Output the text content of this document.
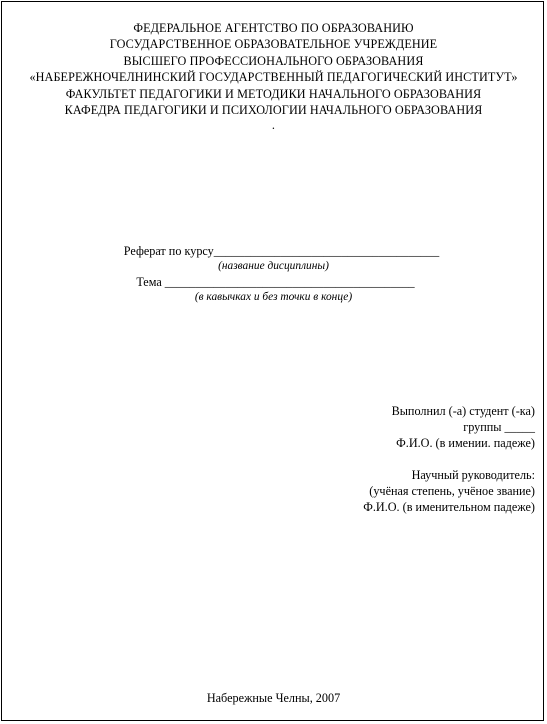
ФЕДЕРАЛЬНОЕ АГЕНТСТВО ПО ОБРАЗОВАНИЮ
ГОСУДАРСТВЕННОЕ ОБРАЗОВАТЕЛЬНОЕ УЧРЕЖДЕНИЕ
ВЫСШЕГО ПРОФЕССИОНАЛЬНОГО ОБРАЗОВАНИЯ
«НАБЕРЕЖНОЧЕЛНИНСКИЙ ГОСУДАРСТВЕННЫЙ ПЕДАГОГИЧЕСКИЙ ИНСТИТУТ»
ФАКУЛЬТЕТ ПЕДАГОГИКИ И МЕТОДИКИ НАЧАЛЬНОГО ОБРАЗОВАНИЯ
КАФЕДРА ПЕДАГОГИКИ И ПСИХОЛОГИИ НАЧАЛЬНОГО ОБРАЗОВАНИЯ
.
Реферат по курсу_____________________________________
(название дисциплины)
Тема _________________________________________
(в кавычках и без точки в конце)
Выполнил (-а) студент (-ка)
группы _____
Ф.И.О. (в имении. падеже)
Научный руководитель:
(учёная степень, учёное звание)
Ф.И.О. (в именительном падеже)
Набережные Челны, 2007
